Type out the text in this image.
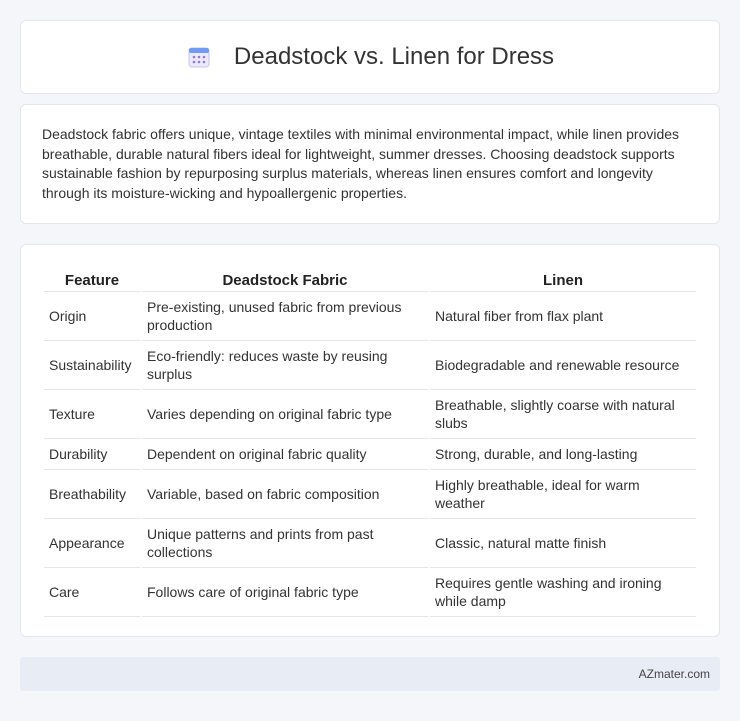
Deadstock vs. Linen for Dress

Deadstock fabric offers unique, vintage textiles with minimal environmental impact, while linen provides breathable, durable natural fibers ideal for lightweight, summer dresses. Choosing deadstock supports sustainable fashion by repurposing surplus materials, whereas linen ensures comfort and longevity through its moisture-wicking and hypoallergenic properties.

Feature	Deadstock Fabric	Linen
Origin	Pre-existing, unused fabric from previous production	Natural fiber from flax plant
Sustainability	Eco-friendly: reduces waste by reusing surplus	Biodegradable and renewable resource
Texture	Varies depending on original fabric type	Breathable, slightly coarse with natural slubs
Durability	Dependent on original fabric quality	Strong, durable, and long-lasting
Breathability	Variable, based on fabric composition	Highly breathable, ideal for warm weather
Appearance	Unique patterns and prints from past collections	Classic, natural matte finish
Care	Follows care of original fabric type	Requires gentle washing and ironing while damp
AZmater.com
